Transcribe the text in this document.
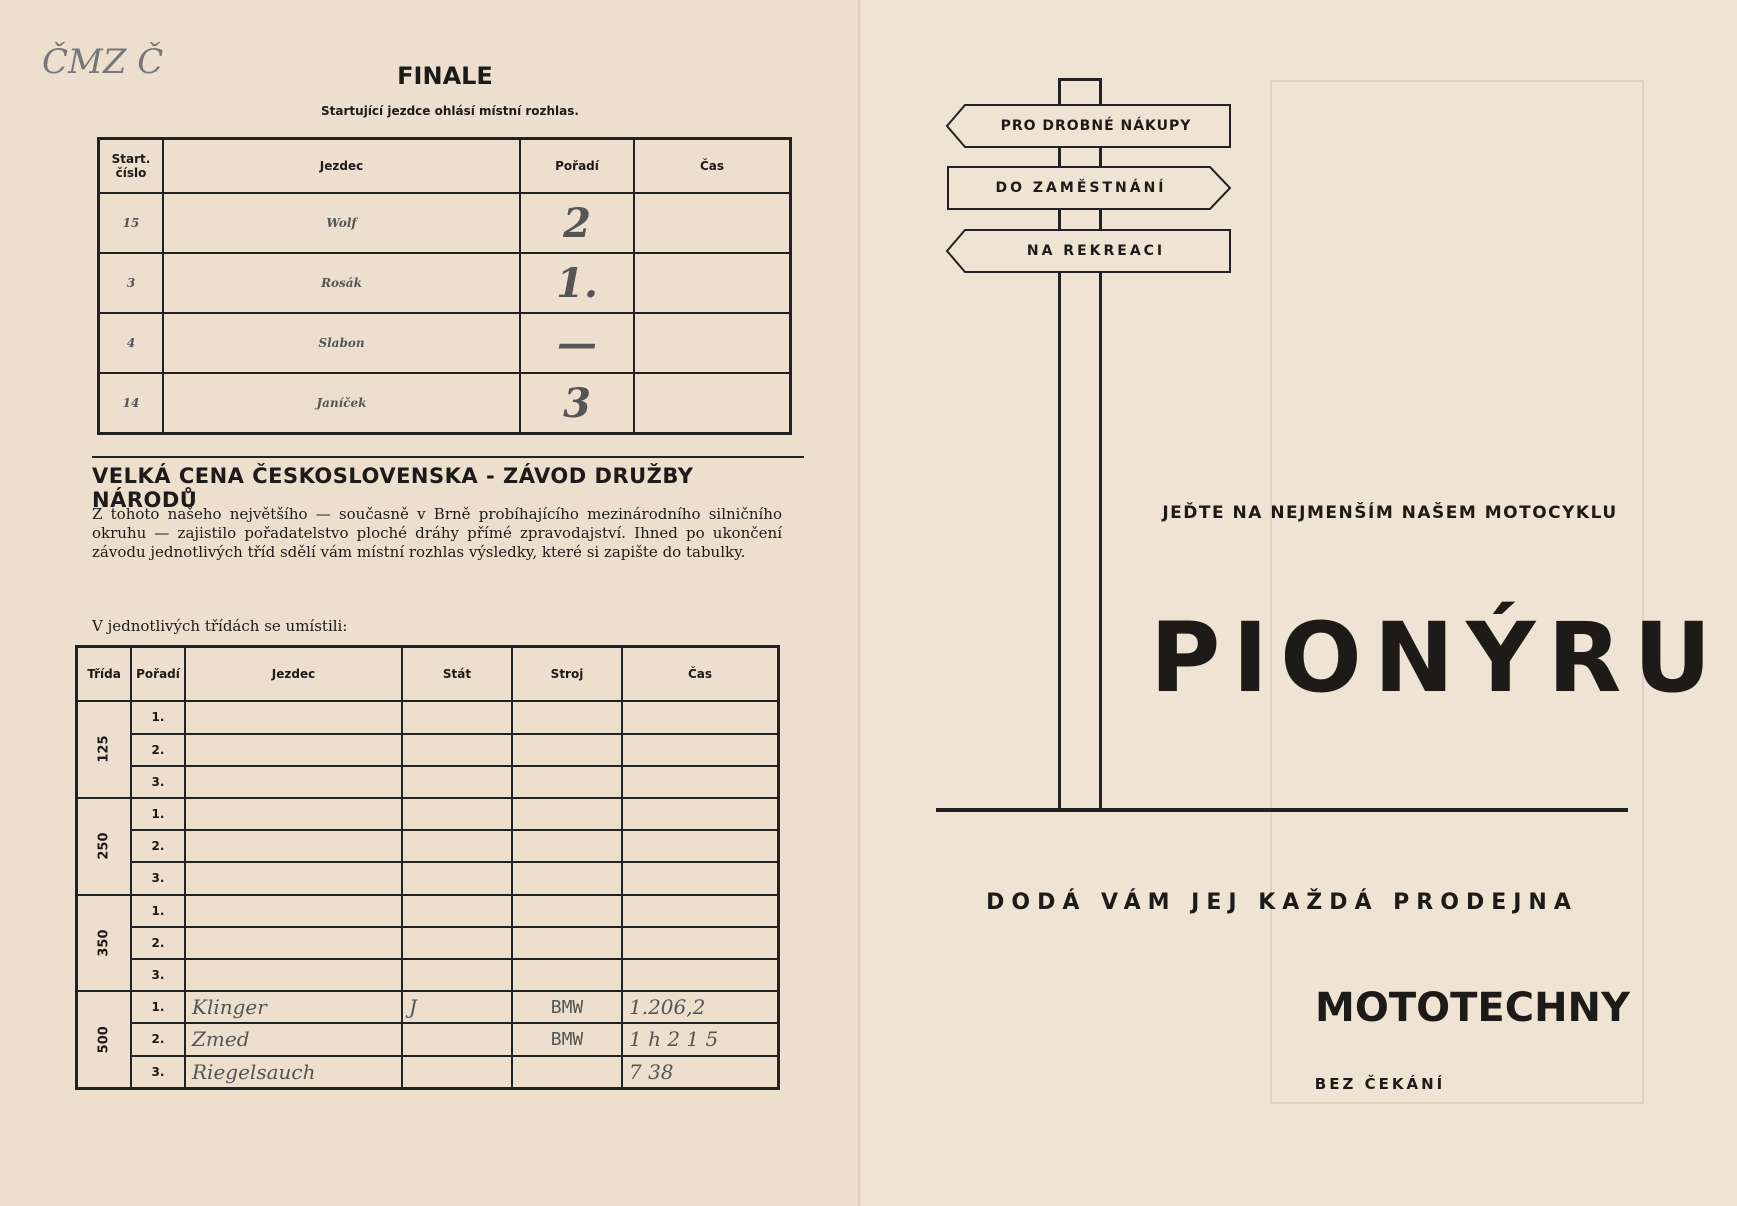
ČMZ Č	FINALE
Startující jezdce ohlásí místní rozhlas.
Start. číslo	Jezdec	Pořadí	Čas
15	Wolf	2	
3	Rosák	1.	
4	Slabon	—	
14	Janíček	3	
VELKÁ CENA ČESKOSLOVENSKA - ZÁVOD DRUŽBY NÁRODŮ
Z tohoto našeho největšího — současně v Brně probíhajícího mezinárodního silničního okruhu — zajistilo pořadatelstvo ploché dráhy přímé zpravodajství. Ihned po ukončení závodu jednotlivých tříd sdělí vám místní rozhlas výsledky, které si zapište do tabulky.
V jednotlivých třídách se umístili:
Třída	Pořadí	Jezdec	Stát	Stroj	Čas
125	1.				
	2.				
	3.				
250	1.				
	2.				
	3.				
350	1.				
	2.				
	3.				
500	1.	Klinger	J	BMW	1.206,2
	2.	Zmed		BMW	1 h 2 1 5
	3.	Riegelsauch			7 38
PRO DROBNÉ NÁKUPY
DO ZAMĚSTNÁNÍ
NA REKREACI
JEĎTE NA NEJMENŠÍM NAŠEM MOTOCYKLU
PIONÝRU
DODÁ VÁM JEJ KAŽDÁ PRODEJNA
MOTOTECHNY
BEZ ČEKÁNÍ
